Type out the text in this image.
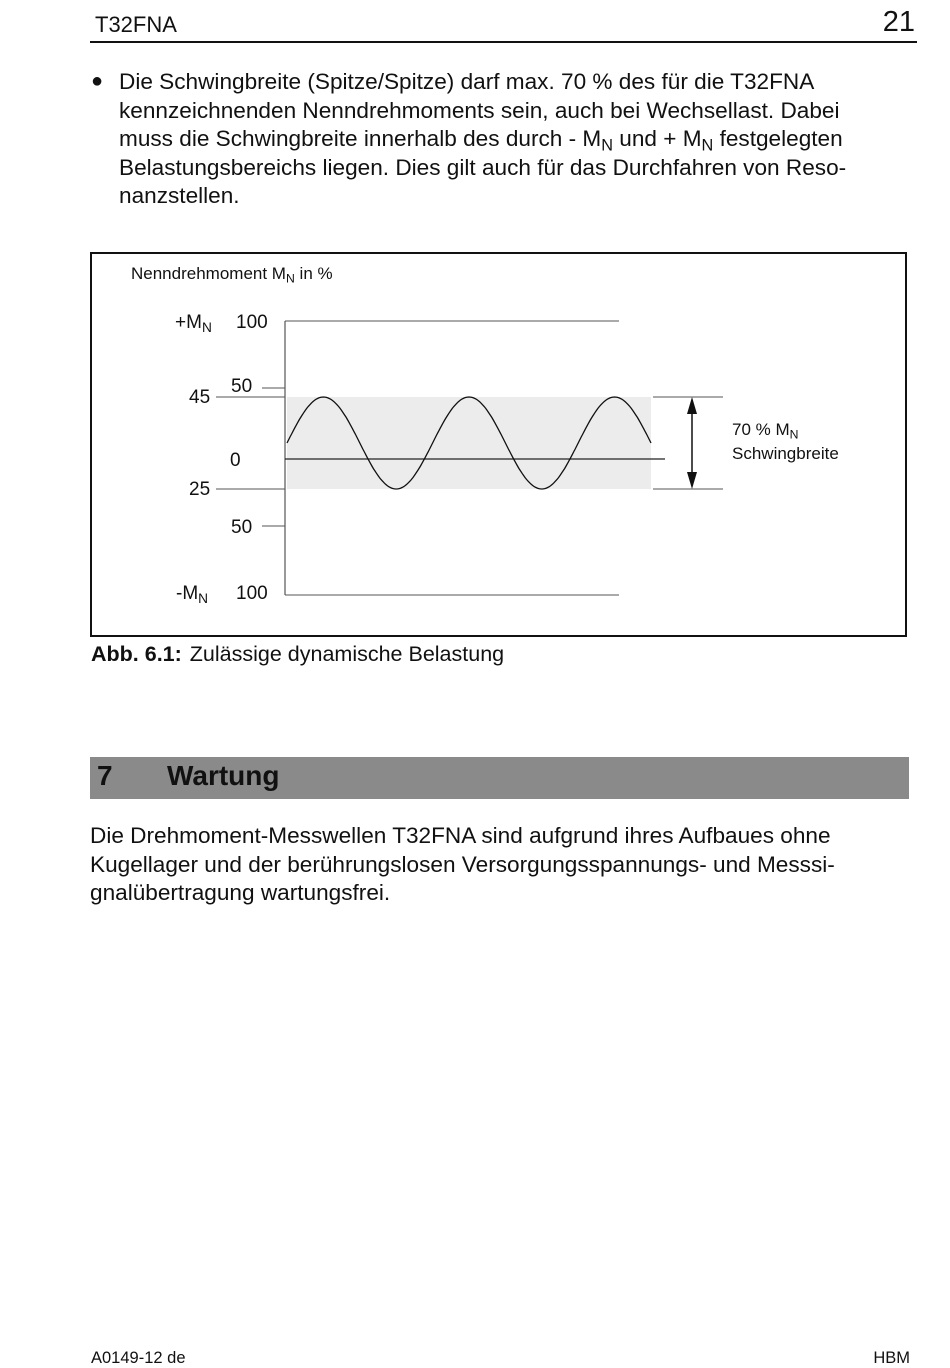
T32FNA	21
● Die Schwingbreite (Spitze/Spitze) darf max. 70 % des für die T32FNA
kennzeichnenden Nenndrehmoments sein, auch bei Wechsellast. Dabei
muss die Schwingbreite innerhalb des durch - $M_N$ und + $M_N$ festgelegten
Belastungsbereichs liegen. Dies gilt auch für das Durchfahren von Reso-
nanzstellen.
Nenndrehmoment $M_N$ in %
$+M_N$ 100
50
45
0
25
50
$-M_N$ 100
70 % $M_N$
Schwingbreite
Abb. 6.1: Zulässige dynamische Belastung
7 Wartung
Die Drehmoment-Messwellen T32FNA sind aufgrund ihres Aufbaues ohne
Kugellager und der berührungslosen Versorgungsspannungs- und Messsi-
gnalübertragung wartungsfrei.
A0149-12 de	HBM
